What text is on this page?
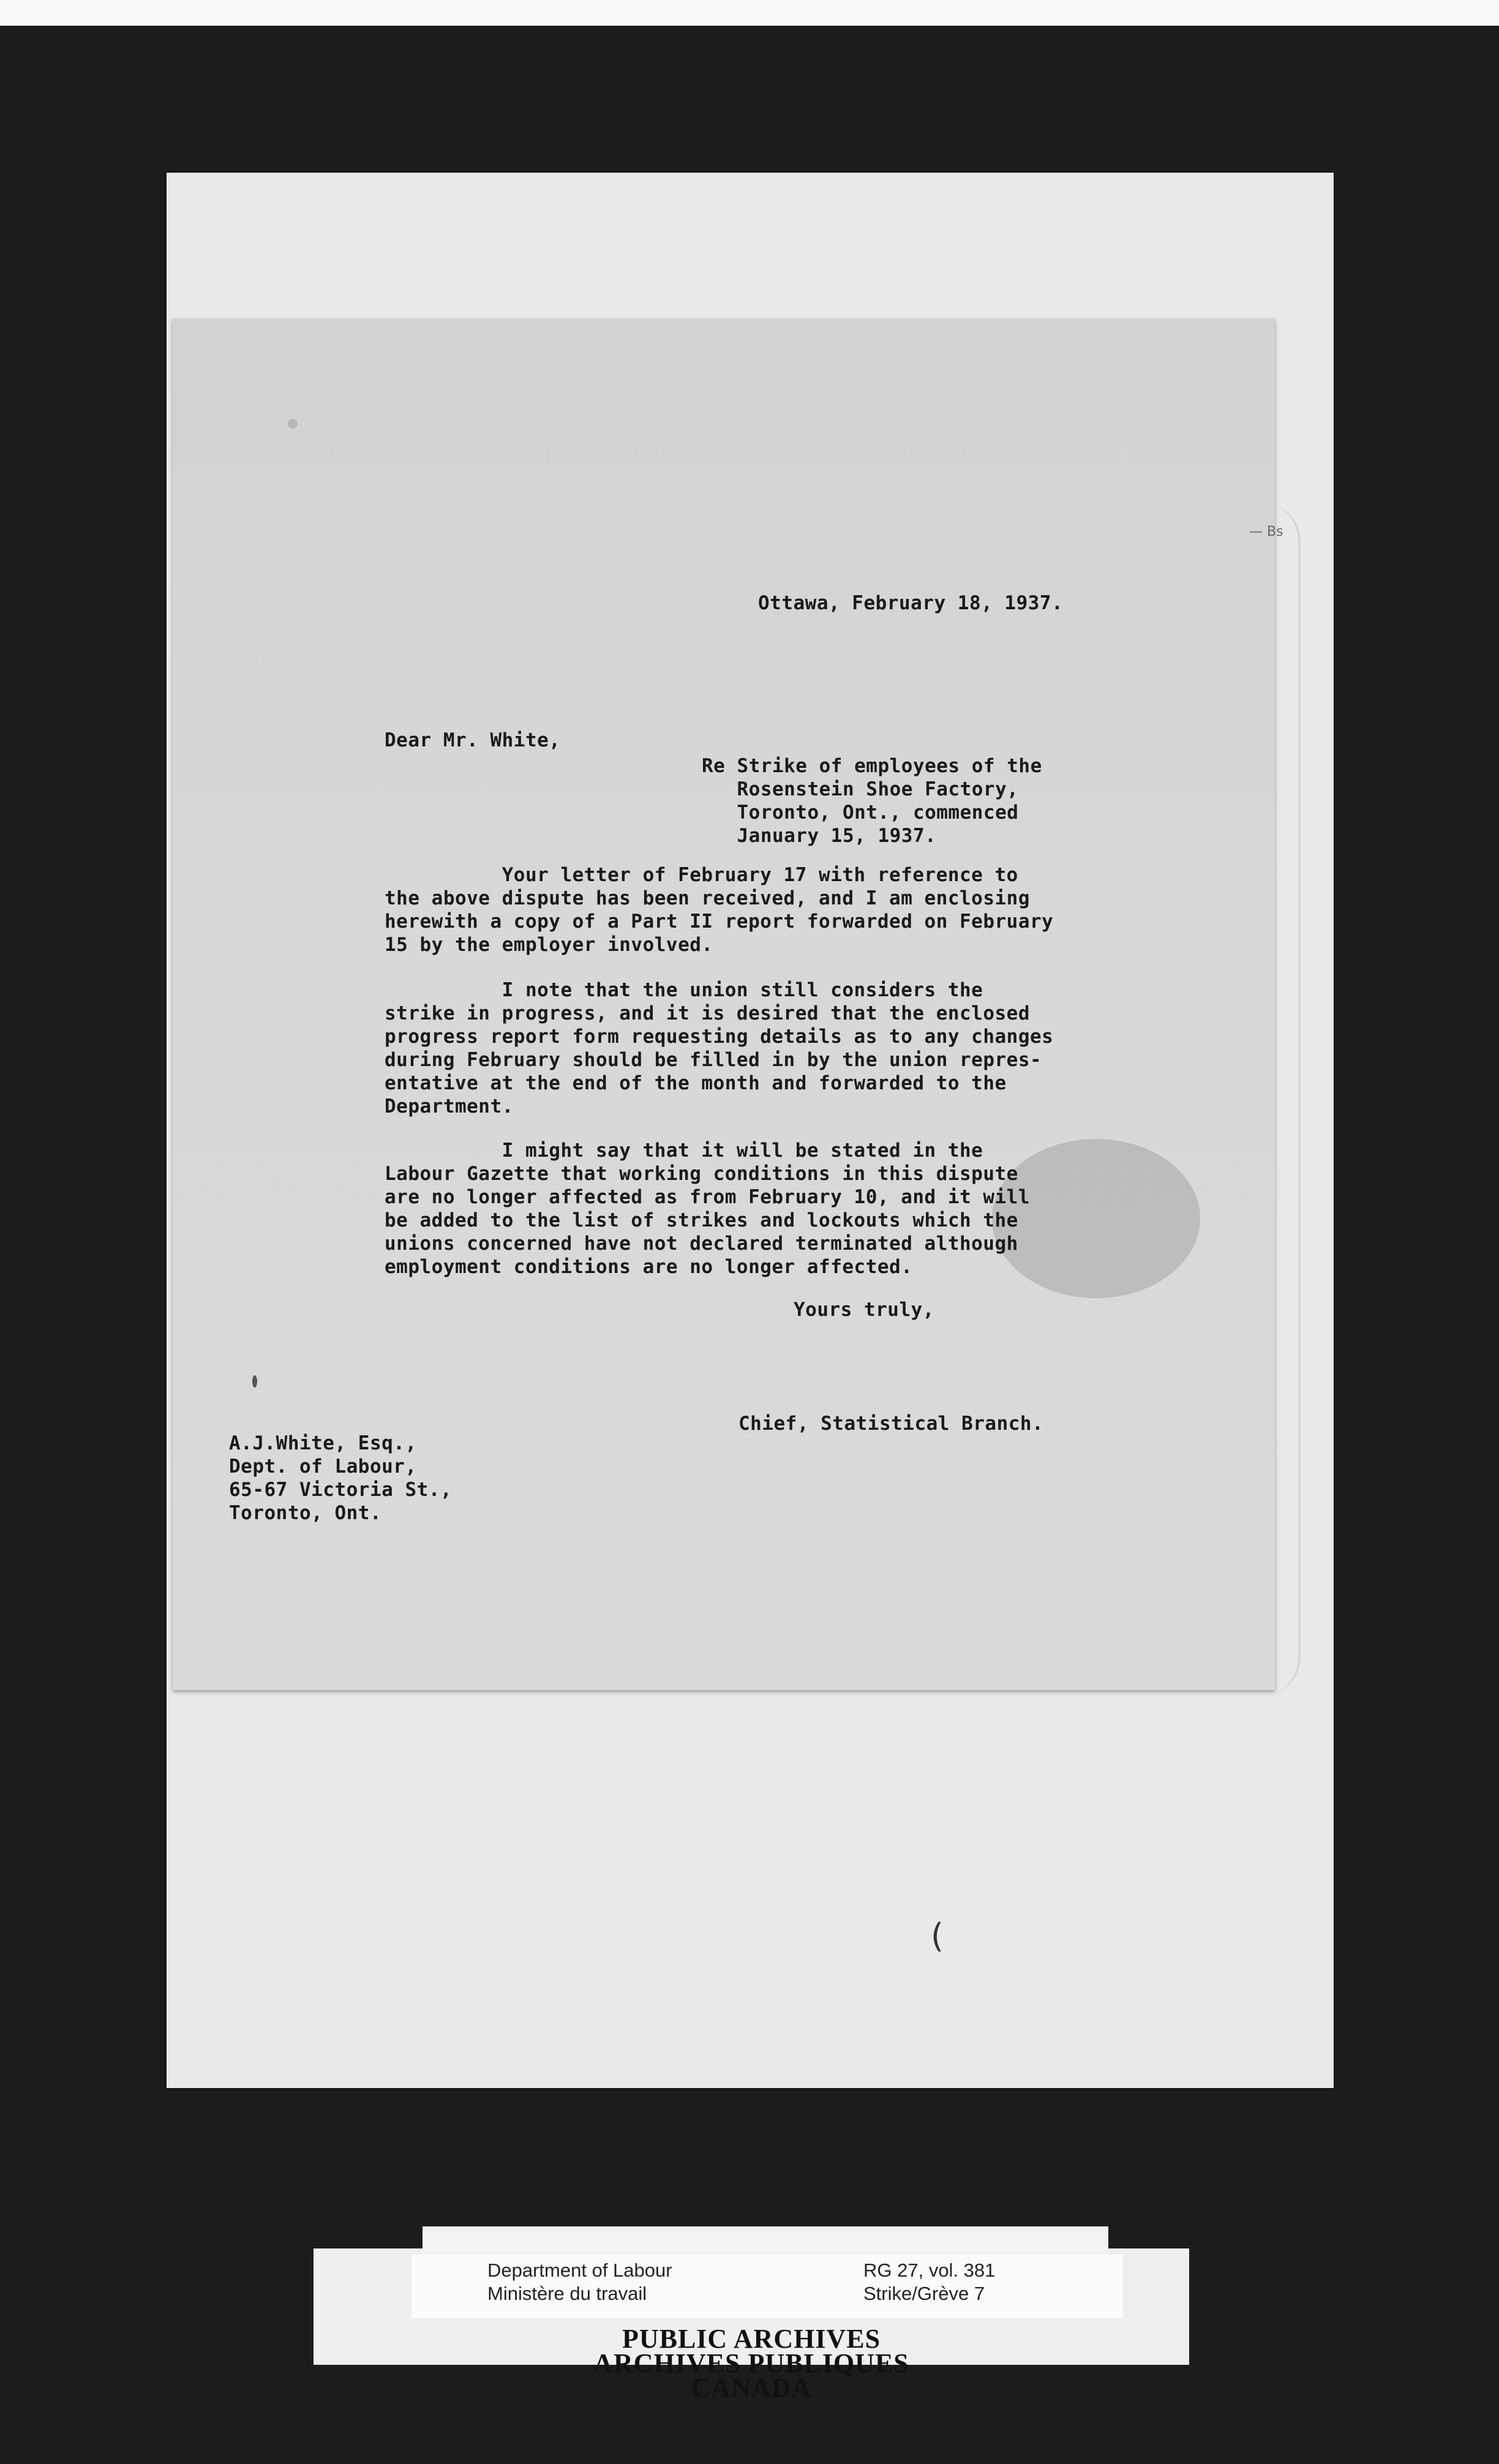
— Bs
Ottawa, February 18, 1937.
Dear Mr. White,
Re Strike of employees of the
Rosenstein Shoe Factory,
Toronto, Ont., commenced
January 15, 1937.
Your letter of February 17 with reference to
the above dispute has been received, and I am enclosing
herewith a copy of a Part II report forwarded on February
15 by the employer involved.
I note that the union still considers the
strike in progress, and it is desired that the enclosed
progress report form requesting details as to any changes
during February should be filled in by the union repres-
entative at the end of the month and forwarded to the
Department.
I might say that it will be stated in the
Labour Gazette that working conditions in this dispute
are no longer affected as from February 10, and it will
be added to the list of strikes and lockouts which the
unions concerned have not declared terminated although
employment conditions are no longer affected.
Yours truly,
Chief, Statistical Branch.
A.J.White, Esq.,
Dept. of Labour,
65-67 Victoria St.,
Toronto, Ont.
(
Department of Labour
Ministère du travail
RG 27, vol. 381
Strike/Grève 7
PUBLIC ARCHIVES
ARCHIVES PUBLIQUES
CANADA
